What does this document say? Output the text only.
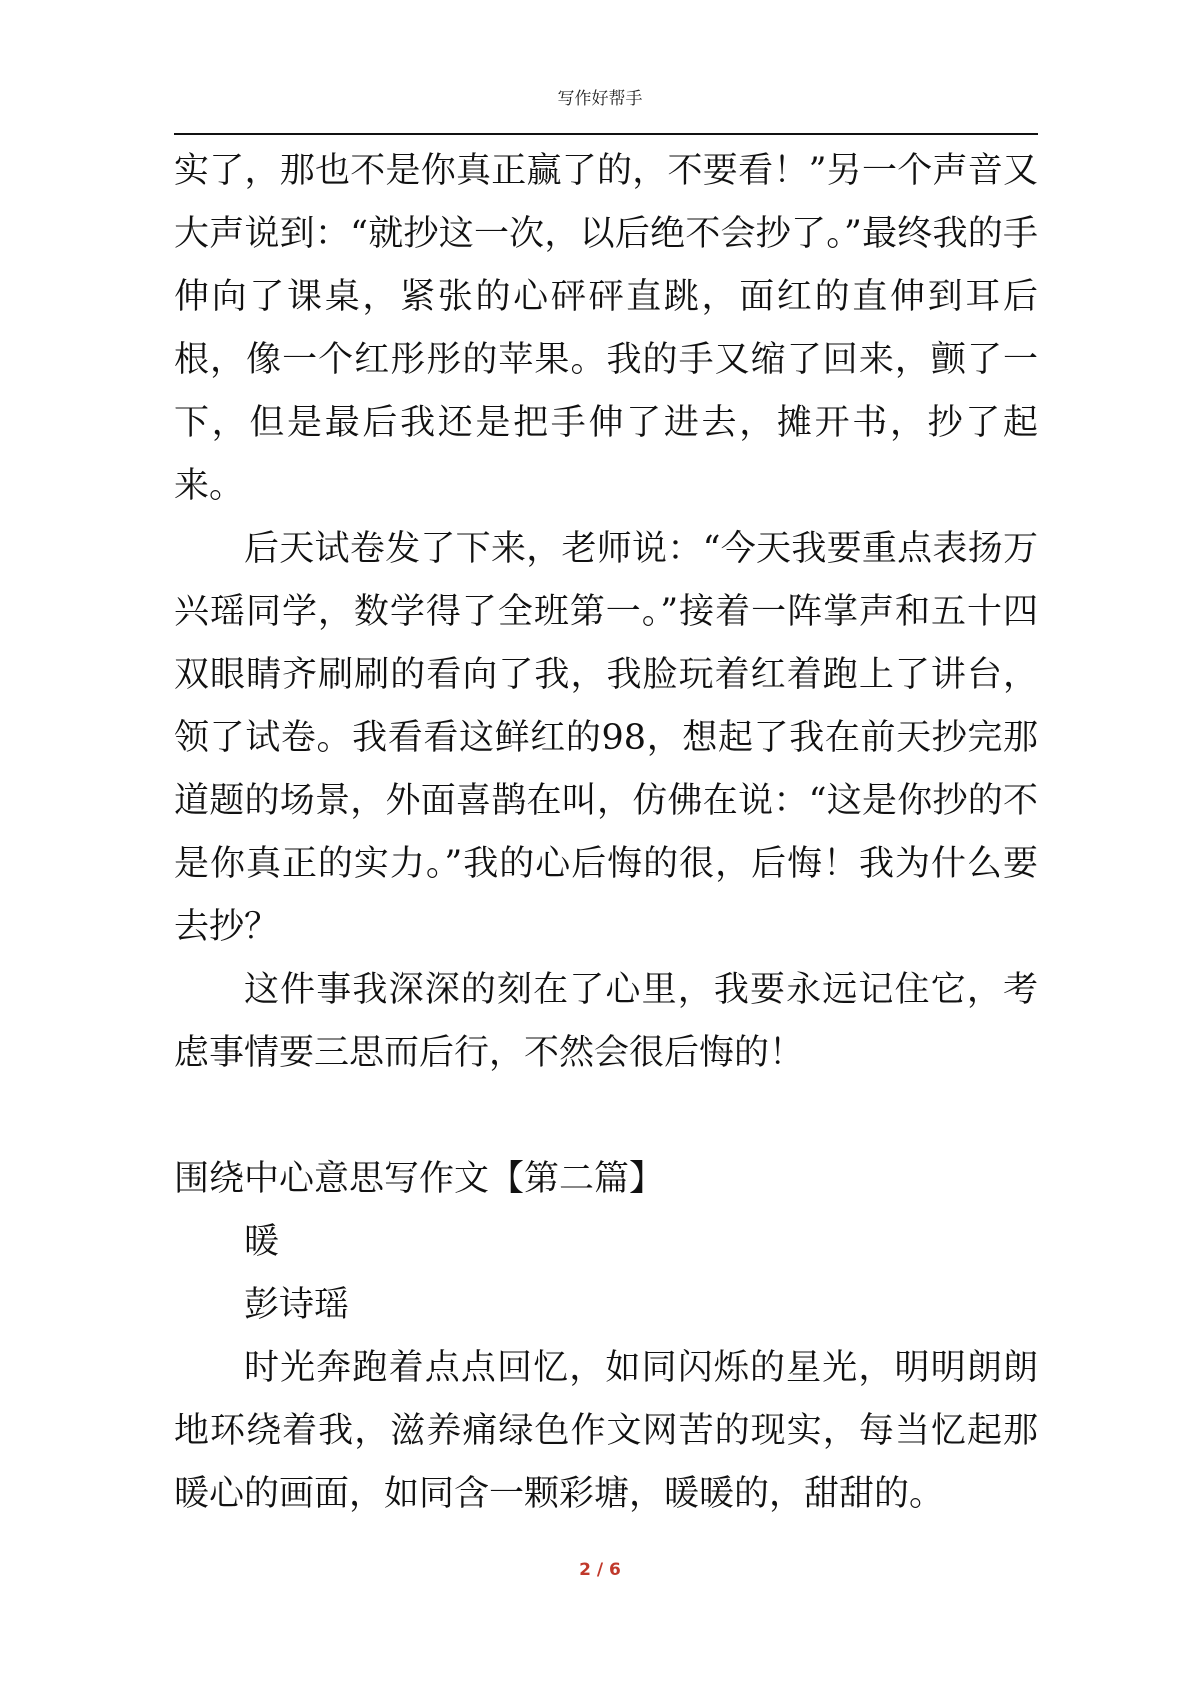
写作好帮手

实了，那也不是你真正赢了的，不要看！”另一个声音又大声说到：“就抄这一次，以后绝不会抄了。”最终我的手伸向了课桌，紧张的心砰砰直跳，面红的直伸到耳后根，像一个红彤彤的苹果。我的手又缩了回来，颤了一下，但是最后我还是把手伸了进去，摊开书，抄了起来。

后天试卷发了下来，老师说：“今天我要重点表扬万兴瑶同学，数学得了全班第一。”接着一阵掌声和五十四双眼睛齐刷刷的看向了我，我脸玩着红着跑上了讲台，领了试卷。我看看这鲜红的98，想起了我在前天抄完那道题的场景，外面喜鹊在叫，仿佛在说：“这是你抄的不是你真正的实力。”我的心后悔的很，后悔！我为什么要去抄？

这件事我深深的刻在了心里，我要永远记住它，考虑事情要三思而后行，不然会很后悔的！

围绕中心意思写作文【第二篇】

暖

彭诗瑶

时光奔跑着点点回忆，如同闪烁的星光，明明朗朗地环绕着我，滋养痛绿色作文网苦的现实，每当忆起那暖心的画面，如同含一颗彩塘，暖暖的，甜甜的。

2 / 6
